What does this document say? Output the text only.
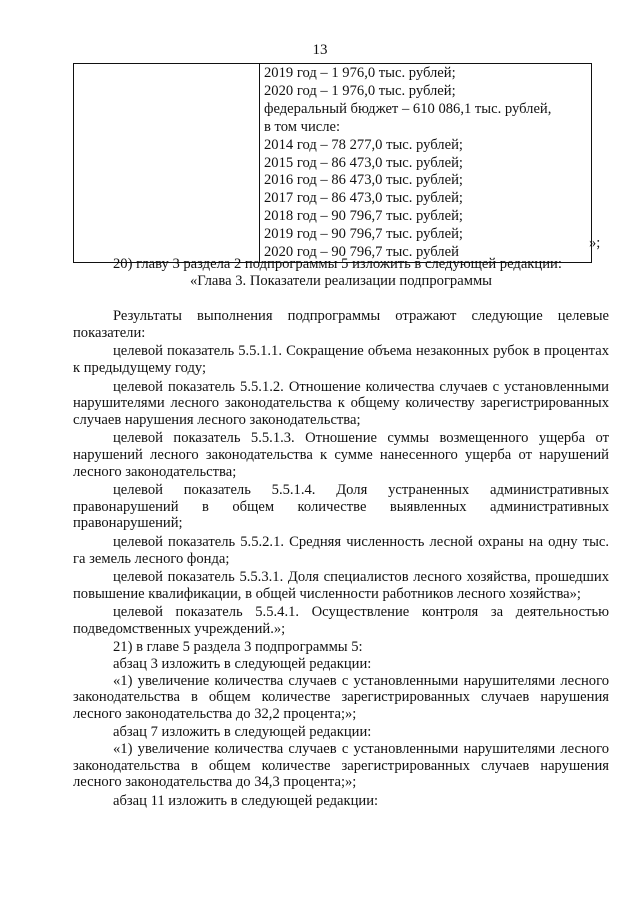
13

2019 год – 1 976,0 тыс. рублей;
2020 год – 1 976,0 тыс. рублей;
федеральный бюджет – 610 086,1 тыс. рублей,
в том числе:
2014 год – 78 277,0 тыс. рублей;
2015 год – 86 473,0 тыс. рублей;
2016 год – 86 473,0 тыс. рублей;
2017 год – 86 473,0 тыс. рублей;
2018 год – 90 796,7 тыс. рублей;
2019 год – 90 796,7 тыс. рублей;
2020 год – 90 796,7 тыс. рублей
»;
20) главу 3 раздела 2 подпрограммы 5 изложить в следующей редакции:
«Глава 3. Показатели реализации подпрограммы
Результаты выполнения подпрограммы отражают следующие целевые показатели:
целевой показатель 5.5.1.1. Сокращение объема незаконных рубок в процентах к предыдущему году;
целевой показатель 5.5.1.2. Отношение количества случаев с установленными нарушителями лесного законодательства к общему количеству зарегистрированных случаев нарушения лесного законодательства;
целевой показатель 5.5.1.3. Отношение суммы возмещенного ущерба от нарушений лесного законодательства к сумме нанесенного ущерба от нарушений лесного законодательства;
целевой показатель 5.5.1.4. Доля устраненных административных правонарушений в общем количестве выявленных административных правонарушений;
целевой показатель 5.5.2.1. Средняя численность лесной охраны на одну тыс. га земель лесного фонда;
целевой показатель 5.5.3.1. Доля специалистов лесного хозяйства, прошедших повышение квалификации, в общей численности работников лесного хозяйства»;
целевой показатель 5.5.4.1. Осуществление контроля за деятельностью подведомственных учреждений.»;
21) в главе 5 раздела 3 подпрограммы 5:
абзац 3 изложить в следующей редакции:
«1) увеличение количества случаев с установленными нарушителями лесного законодательства в общем количестве зарегистрированных случаев нарушения лесного законодательства до 32,2 процента;»;
абзац 7 изложить в следующей редакции:
«1) увеличение количества случаев с установленными нарушителями лесного законодательства в общем количестве зарегистрированных случаев нарушения лесного законодательства до 34,3 процента;»;
абзац 11 изложить в следующей редакции:
